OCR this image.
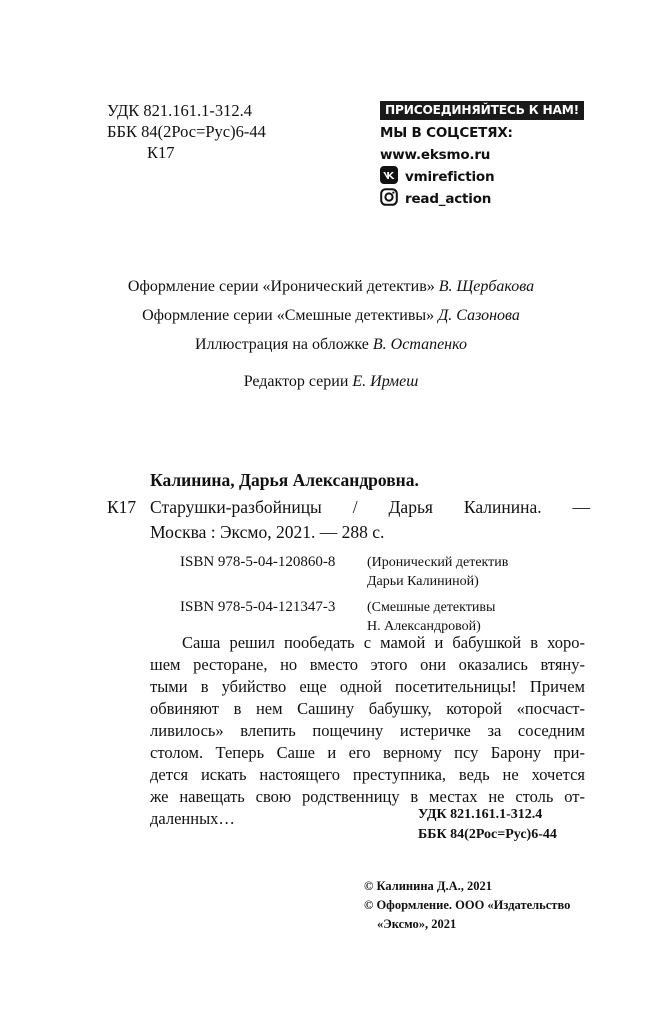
УДК 821.161.1-312.4
ББК 84(2Рос=Рус)6-44
К17
ПРИСОЕДИНЯЙТЕСЬ К НАМ!
МЫ В СОЦСЕТЯХ:
www.eksmo.ru
vmirefiction
read_action
Оформление серии «Иронический детектив» В. Щербакова
Оформление серии «Смешные детективы» Д. Сазонова
Иллюстрация на обложке В. Остапенко
Редактор серии Е. Ирмеш
Калинина, Дарья Александровна.
К17 Старушки-разбойницы / Дарья Калинина. —
Москва : Эксмо, 2021. — 288 с.
ISBN 978-5-04-120860-8 (Иронический детектив
Дарьи Калининой)
ISBN 978-5-04-121347-3 (Смешные детективы
Н. Александровой)
Саша решил пообедать с мамой и бабушкой в хоро-
шем ресторане, но вместо этого они оказались втяну-
тыми в убийство еще одной посетительницы! Причем
обвиняют в нем Сашину бабушку, которой «посчаст-
ливилось» влепить пощечину истеричке за соседним
столом. Теперь Саше и его верному псу Барону при-
дется искать настоящего преступника, ведь не хочется
же навещать свою родственницу в местах не столь от-
даленных…	УДК 821.161.1-312.4
ББК 84(2Рос=Рус)6-44
© Калинина Д.А., 2021
© Оформление. ООО «Издательство
«Эксмо», 2021
